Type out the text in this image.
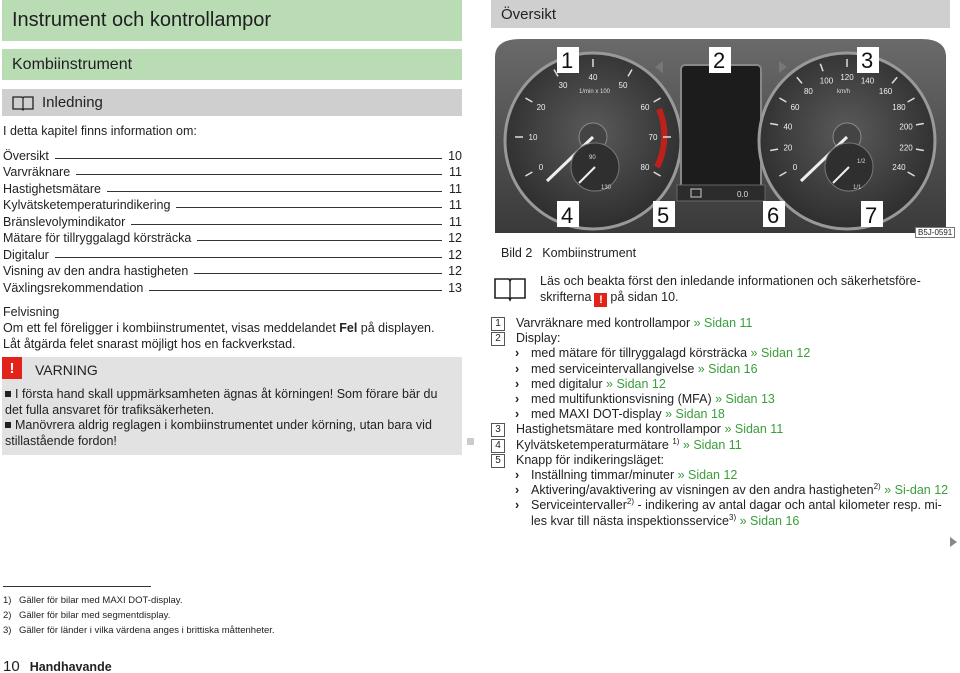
Instrument och kontrollampor
Kombiinstrument
Inledning
I detta kapitel finns information om:
Översikt	10
Varvräknare	11
Hastighetsmätare	11
Kylvätsketemperaturindikering	11
Bränslevolymindikator	11
Mätare för tillryggalagd körsträcka	12
Digitalur	12
Visning av den andra hastigheten	12
Växlingsrekommendation	13
Felvisning
Om ett fel föreligger i kombiinstrumentet, visas meddelandet Fel på displayen.
Låt åtgärda felet snarast möjligt hos en fackverkstad.
!	VARNING
I första hand skall uppmärksamheten ägnas åt körningen! Som förare bär du det fulla ansvaret för trafiksäkerheten.
Manövrera aldrig reglagen i kombiinstrumentet under körning, utan bara vid stillastående fordon!
Översikt
0
10
20
30
40
50
60
70
80
1/min x 100
90
130
0.0
0
20
40
60
80
100 120 140
160
180
200
220
240
km/h
1/2
1/1
1	2	3
4	5	6	7
B5J-0591
Bild 2 Kombiinstrument
Läs och beakta först den inledande informationen och säkerhetsföre-skrifterna ! på sidan 10.
1	Varvräknare med kontrollampor » Sidan 11
2	Display:
› med mätare för tillryggalagd körsträcka » Sidan 12
› med serviceintervallangivelse » Sidan 16
› med digitalur » Sidan 12
› med multifunktionsvisning (MFA) » Sidan 13
› med MAXI DOT-display » Sidan 18
3	Hastighetsmätare med kontrollampor » Sidan 11
4	Kylvätsketemperaturmätare $^{1)}$ » Sidan 11
5	Knapp för indikeringsläget:
› Inställning timmar/minuter » Sidan 12
› Aktivering/avaktivering av visningen av den andra hastigheten$^{2)}$ » Si-dan 12
› Serviceintervaller$^{2)}$ - indikering av antal dagar och antal kilometer resp. mi-les kvar till nästa inspektionsservice$^{3)}$ » Sidan 16
1) Gäller för bilar med MAXI DOT-display.
2) Gäller för bilar med segmentdisplay.
3) Gäller för länder i vilka värdena anges i brittiska måttenheter.
10 Handhavande
